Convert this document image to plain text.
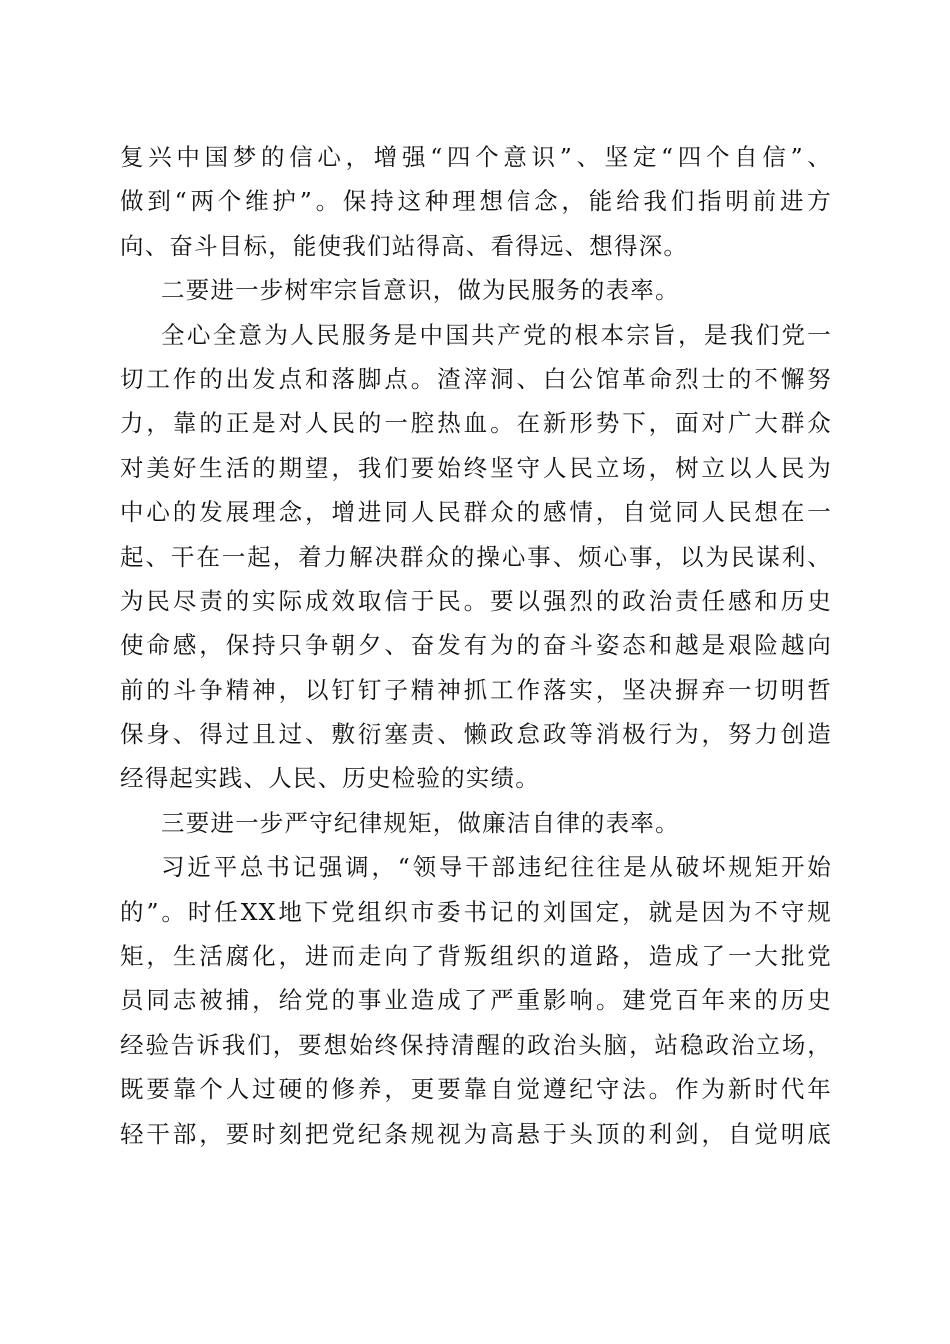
复兴中国梦的信心，增强“四个意识”、坚定“四个自信”、
做到“两个维护”。保持这种理想信念，能给我们指明前进方
向、奋斗目标，能使我们站得高、看得远、想得深。
二要进一步树牢宗旨意识，做为民服务的表率。
全心全意为人民服务是中国共产党的根本宗旨，是我们党一
切工作的出发点和落脚点。渣滓洞、白公馆革命烈士的不懈努
力，靠的正是对人民的一腔热血。在新形势下，面对广大群众
对美好生活的期望，我们要始终坚守人民立场，树立以人民为
中心的发展理念，增进同人民群众的感情，自觉同人民想在一
起、干在一起，着力解决群众的操心事、烦心事，以为民谋利、
为民尽责的实际成效取信于民。要以强烈的政治责任感和历史
使命感，保持只争朝夕、奋发有为的奋斗姿态和越是艰险越向
前的斗争精神，以钉钉子精神抓工作落实，坚决摒弃一切明哲
保身、得过且过、敷衍塞责、懒政怠政等消极行为，努力创造
经得起实践、人民、历史检验的实绩。
三要进一步严守纪律规矩，做廉洁自律的表率。
习近平总书记强调，“领导干部违纪往往是从破坏规矩开始
的”。时任XX地下党组织市委书记的刘国定，就是因为不守规
矩，生活腐化，进而走向了背叛组织的道路，造成了一大批党
员同志被捕，给党的事业造成了严重影响。建党百年来的历史
经验告诉我们，要想始终保持清醒的政治头脑，站稳政治立场，
既要靠个人过硬的修养，更要靠自觉遵纪守法。作为新时代年
轻干部，要时刻把党纪条规视为高悬于头顶的利剑，自觉明底
